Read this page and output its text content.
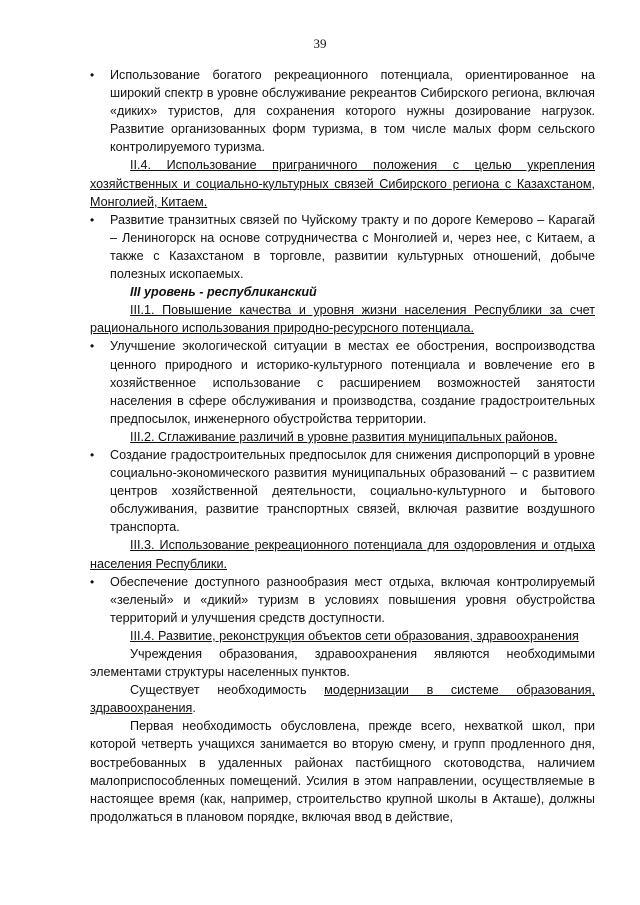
39
•	Использование богатого рекреационного потенциала, ориентированное на широкий спектр в уровне обслуживание рекреантов Сибирского региона, включая «диких» туристов, для сохранения которого нужны дозирование нагрузок. Развитие организованных форм туризма, в том числе малых форм сельского контролируемого туризма.

II.4. Использование приграничного положения с целью укрепления хозяйственных и социально-культурных связей Сибирского региона с Казахстаном, Монголией, Китаем.

•	Развитие транзитных связей по Чуйскому тракту и по дороге Кемерово – Карагай – Лениногорск на основе сотрудничества с Монголией и, через нее, с Китаем, а также с Казахстаном в торговле, развитии культурных отношений, добыче полезных ископаемых.

III уровень - республиканский

III.1. Повышение качества и уровня жизни населения Республики за счет рационального использования природно-ресурсного потенциала.

•	Улучшение экологической ситуации в местах ее обострения, воспроизводства ценного природного и историко-культурного потенциала и вовлечение его в хозяйственное использование с расширением возможностей занятости населения в сфере обслуживания и производства, создание градостроительных предпосылок, инженерного обустройства территории.

III.2. Сглаживание различий в уровне развития муниципальных районов.

•	Создание градостроительных предпосылок для снижения диспропорций в уровне социально-экономического развития муниципальных образований – с развитием центров хозяйственной деятельности, социально-культурного и бытового обслуживания, развитие транспортных связей, включая развитие воздушного транспорта.

III.3. Использование рекреационного потенциала для оздоровления и отдыха населения Республики.

•	Обеспечение доступного разнообразия мест отдыха, включая контролируемый «зеленый» и «дикий» туризм в условиях повышения уровня обустройства территорий и улучшения средств доступности.

III.4. Развитие, реконструкция объектов сети образования, здравоохранения

Учреждения образования, здравоохранения являются необходимыми элементами структуры населенных пунктов.

Существует необходимость модернизации в системе образования, здравоохранения.

Первая необходимость обусловлена, прежде всего, нехваткой школ, при которой четверть учащихся занимается во вторую смену, и групп продленного дня, востребованных в удаленных районах пастбищного скотоводства, наличием малоприспособленных помещений. Усилия в этом направлении, осуществляемые в настоящее время (как, например, строительство крупной школы в Акташе), должны продолжаться в плановом порядке, включая ввод в действие,
